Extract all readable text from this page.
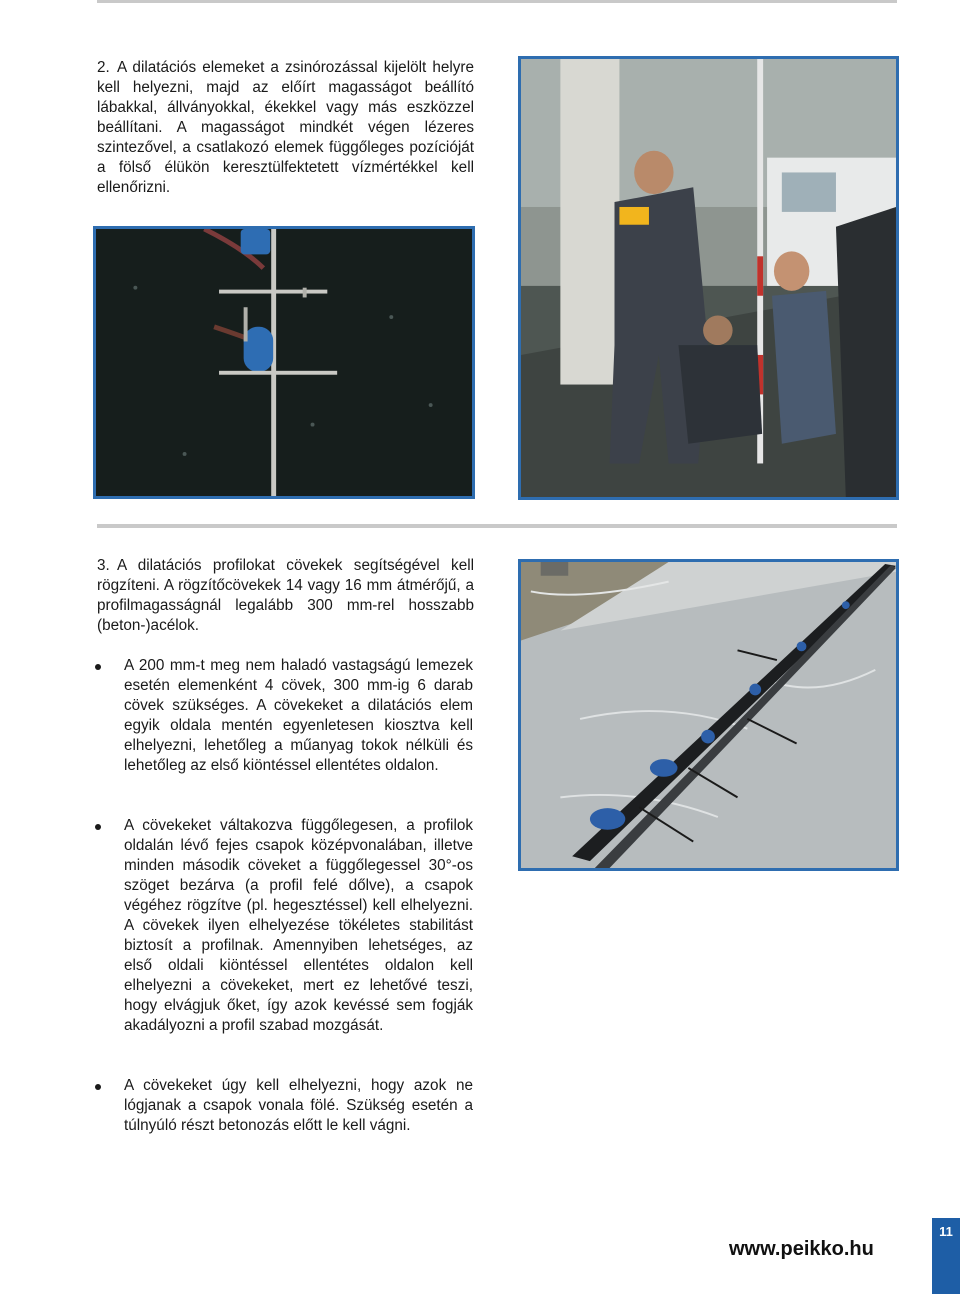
2. A dilatációs elemeket a zsinórozással kijelölt helyre kell helyezni, majd az előírt magasságot beállító lábakkal, állványokkal, ékekkel vagy más eszközzel beállítani. A magasságot mindkét végen lézeres szintezővel, a csatlakozó elemek függőleges pozícióját a fölső élükön keresztülfektetett vízmértékkel kell ellenőrizni.

3. A dilatációs profilokat cövekek segítségével kell rögzíteni. A rögzítőcövekek 14 vagy 16 mm átmérőjű, a profilmagasságnál legalább 300 mm-rel hosszabb (beton-)acélok.

A 200 mm-t meg nem haladó vastagságú lemezek esetén elemenként 4 cövek, 300 mm-ig 6 darab cövek szükséges. A cövekeket a dilatációs elem egyik oldala mentén egyenletesen kiosztva kell elhelyezni, lehetőleg a műanyag tokok nélküli és lehetőleg az első kiöntéssel ellentétes oldalon.

A cövekeket váltakozva függőlegesen, a profilok oldalán lévő fejes csapok középvonalában, illetve minden második cöveket a függőlegessel 30°-os szöget bezárva (a profil felé dőlve), a csapok végéhez rögzítve (pl. hegesztéssel) kell elhelyezni. A cövekek ilyen elhelyezése tökéletes stabilitást biztosít a profilnak. Amennyiben lehetséges, az első oldali kiöntéssel ellentétes oldalon kell elhelyezni a cövekeket, mert ez lehetővé teszi, hogy elvágjuk őket, így azok kevéssé sem fogják akadályozni a profil szabad mozgását.

A cövekeket úgy kell elhelyezni, hogy azok ne lógjanak a csapok vonala fölé. Szükség esetén a túlnyúló részt betonozás előtt le kell vágni.

www.peikko.hu
11
